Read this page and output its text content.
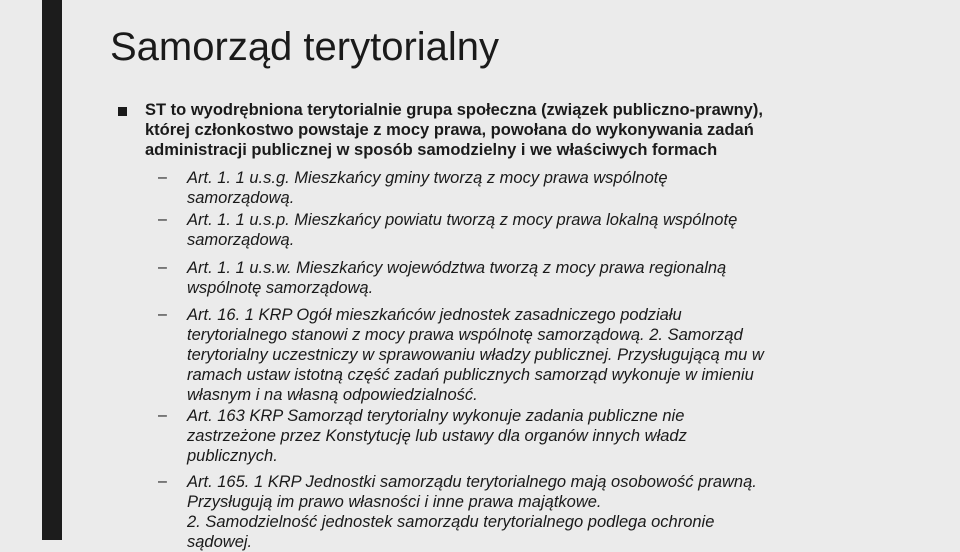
Samorząd terytorialny

ST to wyodrębniona terytorialnie grupa społeczna (związek publiczno-prawny),
której członkostwo powstaje z mocy prawa, powołana do wykonywania zadań
administracji publicznej w sposób samodzielny i we właściwych formach

– Art. 1. 1 u.s.g. Mieszkańcy gminy tworzą z mocy prawa wspólnotę
samorządową.

– Art. 1. 1 u.s.p. Mieszkańcy powiatu tworzą z mocy prawa lokalną wspólnotę
samorządową.

– Art. 1. 1 u.s.w. Mieszkańcy województwa tworzą z mocy prawa regionalną
wspólnotę samorządową.

– Art. 16. 1 KRP Ogół mieszkańców jednostek zasadniczego podziału
terytorialnego stanowi z mocy prawa wspólnotę samorządową. 2. Samorząd
terytorialny uczestniczy w sprawowaniu władzy publicznej. Przysługującą mu w
ramach ustaw istotną część zadań publicznych samorząd wykonuje w imieniu
własnym i na własną odpowiedzialność.

– Art. 163 KRP Samorząd terytorialny wykonuje zadania publiczne nie
zastrzeżone przez Konstytucję lub ustawy dla organów innych władz
publicznych.

– Art. 165. 1 KRP Jednostki samorządu terytorialnego mają osobowość prawną.
Przysługują im prawo własności i inne prawa majątkowe.
2. Samodzielność jednostek samorządu terytorialnego podlega ochronie
sądowej.
